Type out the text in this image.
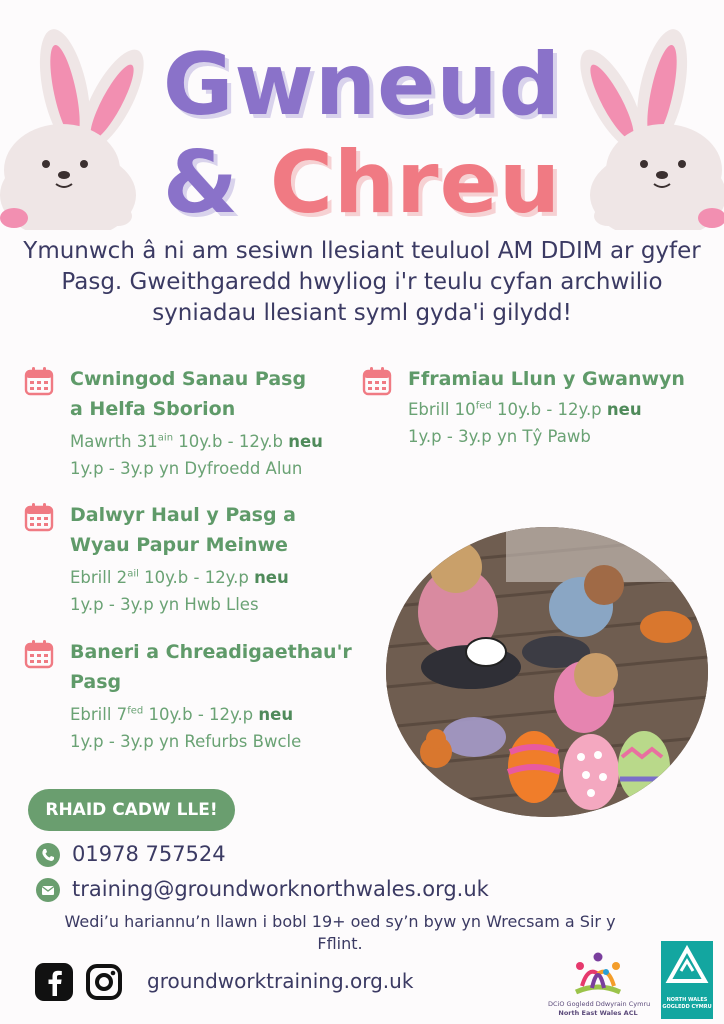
Gwneud
& Chreu
Ymunwch â ni am sesiwn llesiant teuluol AM DDIM ar gyfer Pasg. Gweithgaredd hwyliog i'r teulu cyfan archwilio syniadau llesiant syml gyda'i gilydd!
Cwningod Sanau Pasg
a Helfa Sborion
Mawrth $31^{ain}$ 10y.b - 12y.b neu
1y.p - 3y.p yn Dyfroedd Alun
Fframiau Llun y Gwanwyn
Ebrill $10^{fed}$ 10y.b - 12y.p neu
1y.p - 3y.p yn Tŷ Pawb
Dalwyr Haul y Pasg a
Wyau Papur Meinwe
Ebrill $2^{ail}$ 10y.b - 12y.p neu
1y.p - 3y.p yn Hwb Lles
Baneri a Chreadigaethau'r
Pasg
Ebrill $7^{fed}$ 10y.b - 12y.p neu
1y.p - 3y.p yn Refurbs Bwcle
RHAID CADW LLE!
01978 757524
training@groundworknorthwales.org.uk
Wedi’u hariannu’n llawn i bobl 19+ oed sy’n byw yn Wrecsam a Sir y Fflint.
groundworktraining.org.uk
DCiO Gogledd Ddwyrain Cymru
North East Wales ACL
NORTH WALES
GOGLEDD CYMRU
